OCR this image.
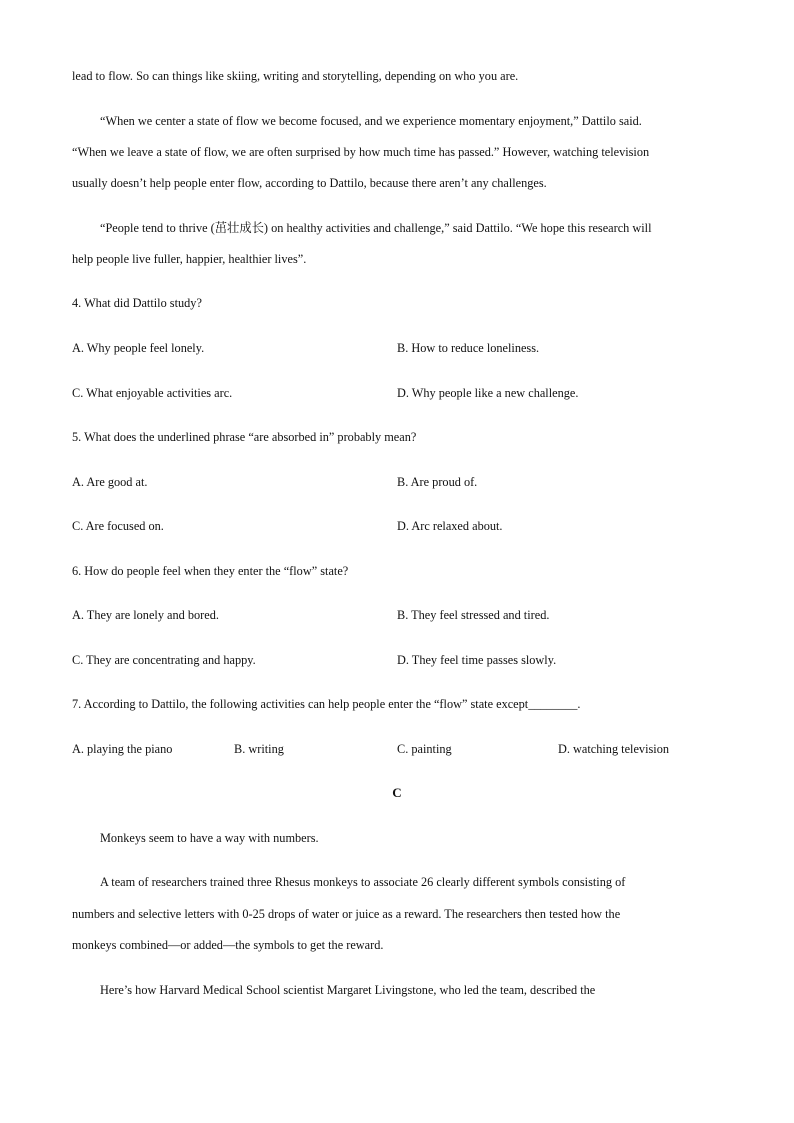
lead to flow. So can things like skiing, writing and storytelling, depending on who you are.
“When we center a state of flow we become focused, and we experience momentary enjoyment,” Dattilo said.
“When we leave a state of flow, we are often surprised by how much time has passed.” However, watching television
usually doesn’t help people enter flow, according to Dattilo, because there aren’t any challenges.
“People tend to thrive (茁壮成长) on healthy activities and challenge,” said Dattilo. “We hope this research will
help people live fuller, happier, healthier lives”.
4. What did Dattilo study?
A. Why people feel lonely.	B. How to reduce loneliness.
C. What enjoyable activities arc.	D. Why people like a new challenge.
5. What does the underlined phrase “are absorbed in” probably mean?
A. Are good at.	B. Are proud of.
C. Are focused on.	D. Arc relaxed about.
6. How do people feel when they enter the “flow” state?
A. They are lonely and bored.	B. They feel stressed and tired.
C. They are concentrating and happy.	D. They feel time passes slowly.
7. According to Dattilo, the following activities can help people enter the “flow” state except________.
A. playing the piano	B. writing	C. painting	D. watching television
C
Monkeys seem to have a way with numbers.
A team of researchers trained three Rhesus monkeys to associate 26 clearly different symbols consisting of
numbers and selective letters with 0-25 drops of water or juice as a reward. The researchers then tested how the
monkeys combined—or added—the symbols to get the reward.
Here’s how Harvard Medical School scientist Margaret Livingstone, who led the team, described the
